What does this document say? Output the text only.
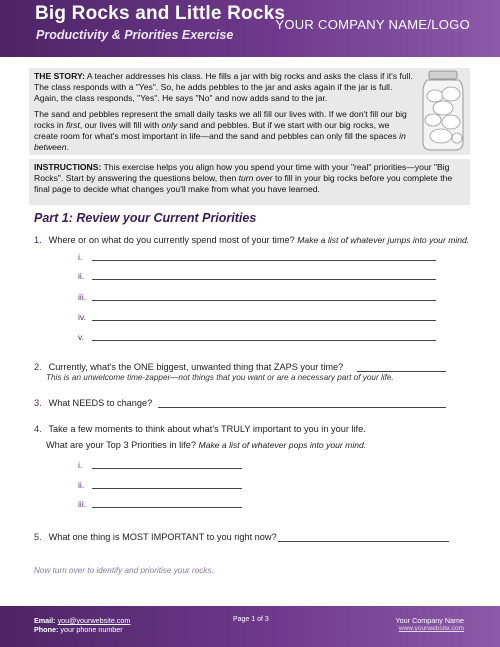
Big Rocks and Little Rocks
Productivity & Priorities Exercise
YOUR COMPANY NAME/LOGO

THE STORY: A teacher addresses his class. He fills a jar with big rocks and asks the class if it's full. The class responds with a "Yes". So, he adds pebbles to the jar and asks again if the jar is full. Again, the class responds, "Yes". He says "No" and now adds sand to the jar.

The sand and pebbles represent the small daily tasks we all fill our lives with. If we don't fill our big rocks in first, our lives will fill with only sand and pebbles. But if we start with our big rocks, we create room for what's most important in life—and the sand and pebbles can only fill the spaces in between.

INSTRUCTIONS: This exercise helps you align how you spend your time with your "real" priorities—your "Big Rocks". Start by answering the questions below, then turn over to fill in your big rocks before you complete the final page to decide what changes you'll make from what you have learned.

Part 1: Review your Current Priorities
1. Where or on what do you currently spend most of your time? Make a list of whatever jumps into your mind.
i.
ii.
iii.
iv.
v.
2. Currently, what's the ONE biggest, unwanted thing that ZAPS your time?
This is an unwelcome time-zapper—not things that you want or are a necessary part of your life.
3. What NEEDS to change?
4. Take a few moments to think about what's TRULY important to you in your life.
What are your Top 3 Priorities in life? Make a list of whatever pops into your mind.
i.
ii.
iii.
5. What one thing is MOST IMPORTANT to you right now?
Now turn over to identify and prioritise your rocks.
Email: you@yourwebsite.com
Phone: your phone number
Page 1 of 3	Your Company Name
www.yourwebsite.com
